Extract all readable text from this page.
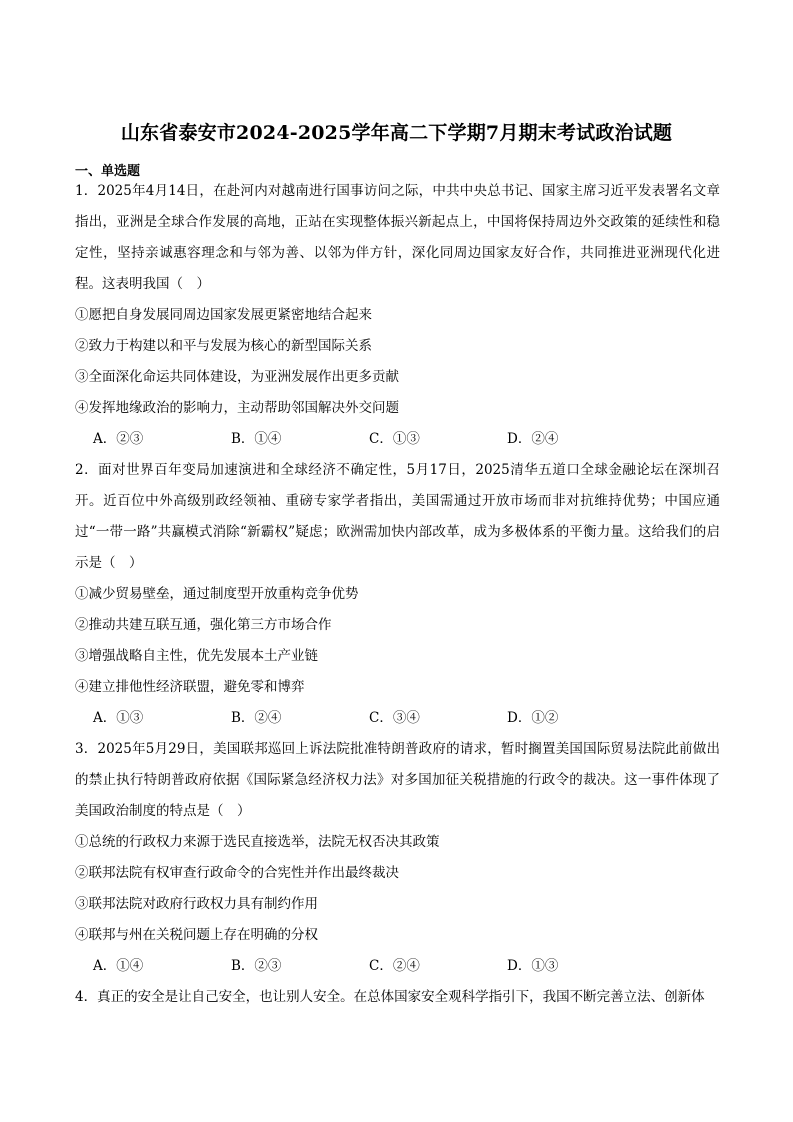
山东省泰安市2024-2025学年高二下学期7月期末考试政治试题
一、单选题

1．2025年4月14日，在赴河内对越南进行国事访问之际，中共中央总书记、国家主席习近平发表署名文章指出，亚洲是全球合作发展的高地，正站在实现整体振兴新起点上，中国将保持周边外交政策的延续性和稳定性，坚持亲诚惠容理念和与邻为善、以邻为伴方针，深化同周边国家友好合作，共同推进亚洲现代化进程。这表明我国（　）

①愿把自身发展同周边国家发展更紧密地结合起来

②致力于构建以和平与发展为核心的新型国际关系

③全面深化命运共同体建设，为亚洲发展作出更多贡献

④发挥地缘政治的影响力，主动帮助邻国解决外交问题

A．②③	B．①④	C．①③	D．②④

2．面对世界百年变局加速演进和全球经济不确定性，5月17日，2025清华五道口全球金融论坛在深圳召开。近百位中外高级别政经领袖、重磅专家学者指出，美国需通过开放市场而非对抗维持优势；中国应通过“一带一路”共赢模式消除“新霸权”疑虑；欧洲需加快内部改革，成为多极体系的平衡力量。这给我们的启示是（　）

①减少贸易壁垒，通过制度型开放重构竞争优势

②推动共建互联互通，强化第三方市场合作

③增强战略自主性，优先发展本土产业链

④建立排他性经济联盟，避免零和博弈

A．①③	B．②④	C．③④	D．①②

3．2025年5月29日，美国联邦巡回上诉法院批准特朗普政府的请求，暂时搁置美国国际贸易法院此前做出的禁止执行特朗普政府依据《国际紧急经济权力法》对多国加征关税措施的行政令的裁决。这一事件体现了美国政治制度的特点是（　）

①总统的行政权力来源于选民直接选举，法院无权否决其政策

②联邦法院有权审查行政命令的合宪性并作出最终裁决

③联邦法院对政府行政权力具有制约作用

④联邦与州在关税问题上存在明确的分权

A．①④	B．②③	C．②④	D．①③

4．真正的安全是让自己安全，也让别人安全。在总体国家安全观科学指引下，我国不断完善立法、创新体
